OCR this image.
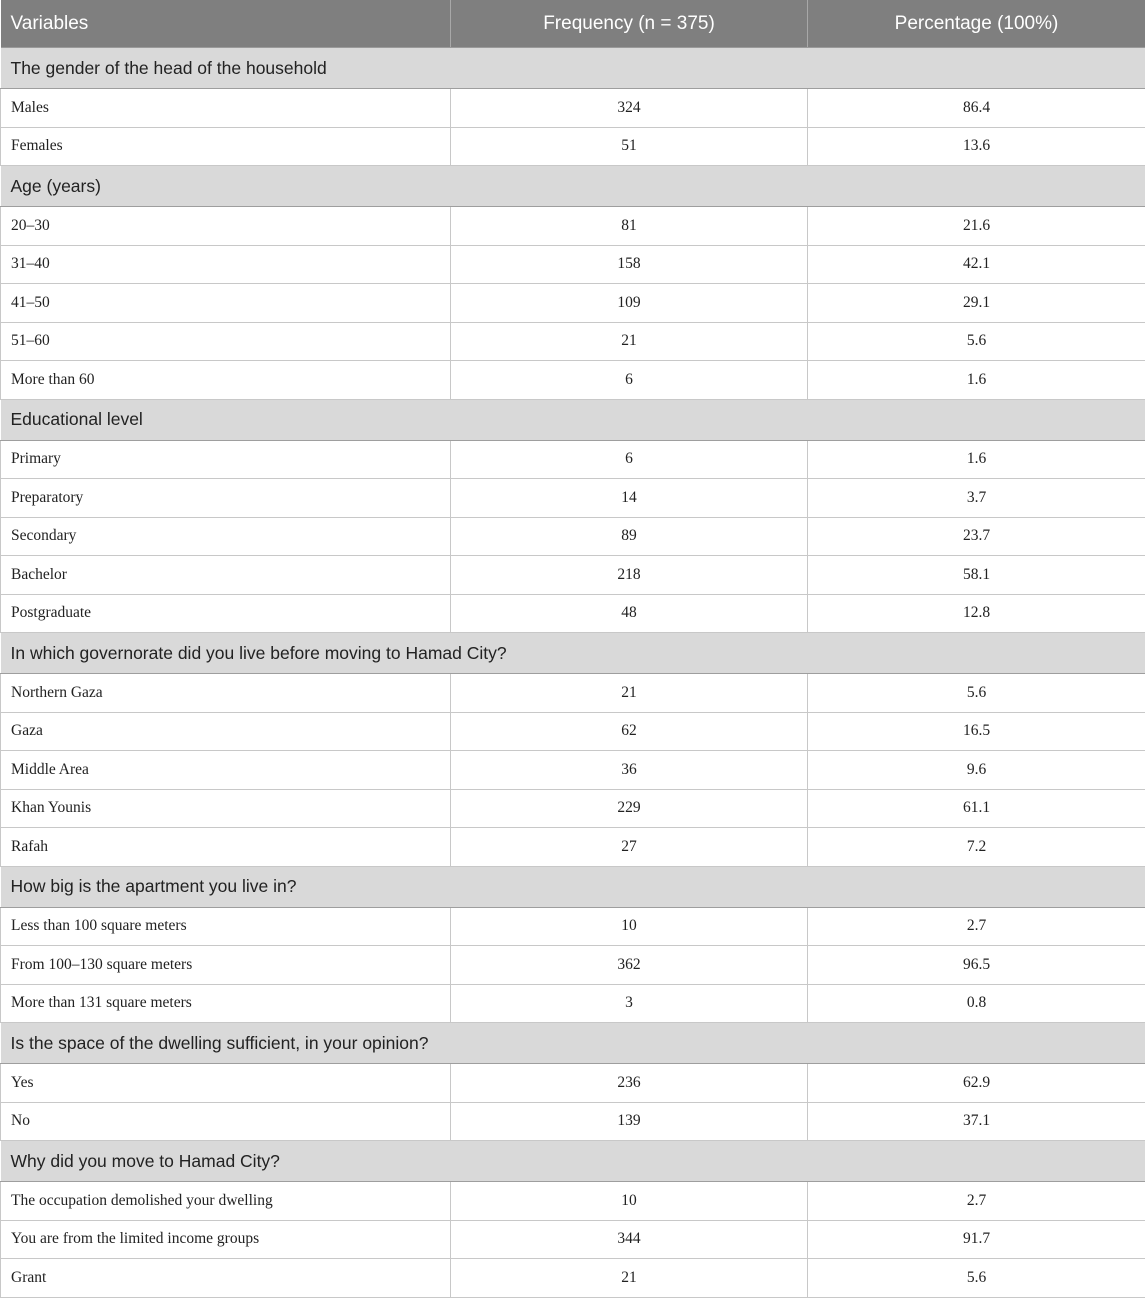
Variables	Frequency (n = 375)	Percentage (100%)
The gender of the head of the household		
Males	324	86.4
Females	51	13.6
Age (years)		
20–30	81	21.6
31–40	158	42.1
41–50	109	29.1
51–60	21	5.6
More than 60	6	1.6
Educational level		
Primary	6	1.6
Preparatory	14	3.7
Secondary	89	23.7
Bachelor	218	58.1
Postgraduate	48	12.8
In which governorate did you live before moving to Hamad City?		
Northern Gaza	21	5.6
Gaza	62	16.5
Middle Area	36	9.6
Khan Younis	229	61.1
Rafah	27	7.2
How big is the apartment you live in?		
Less than 100 square meters	10	2.7
From 100–130 square meters	362	96.5
More than 131 square meters	3	0.8
Is the space of the dwelling sufficient, in your opinion?		
Yes	236	62.9
No	139	37.1
Why did you move to Hamad City?		
The occupation demolished your dwelling	10	2.7
You are from the limited income groups	344	91.7
Grant	21	5.6
